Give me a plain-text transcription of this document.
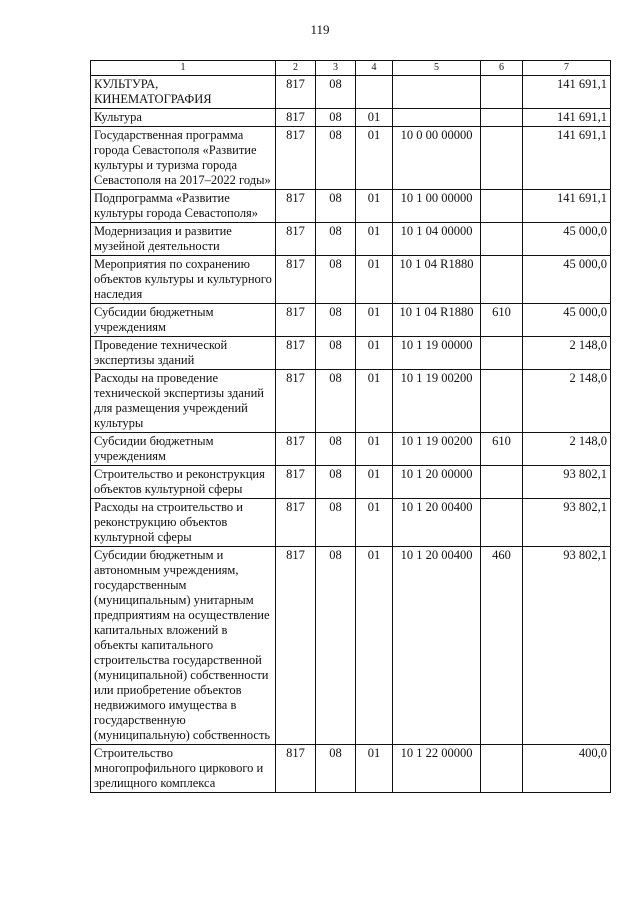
119
1	2	3	4	5	6	7
КУЛЬТУРА, КИНЕМАТОГРАФИЯ	817	08				141 691,1
Культура	817	08	01			141 691,1
Государственная программа города Севастополя «Развитие культуры и туризма города Севастополя на 2017–2022 годы»	817	08	01	10 0 00 00000		141 691,1
Подпрограмма «Развитие культуры города Севастополя»	817	08	01	10 1 00 00000		141 691,1
Модернизация и развитие музейной деятельности	817	08	01	10 1 04 00000		45 000,0
Мероприятия по сохранению объектов культуры и культурного наследия	817	08	01	10 1 04 R1880		45 000,0
Субсидии бюджетным учреждениям	817	08	01	10 1 04 R1880	610	45 000,0
Проведение технической экспертизы зданий	817	08	01	10 1 19 00000		2 148,0
Расходы на проведение технической экспертизы зданий для размещения учреждений культуры	817	08	01	10 1 19 00200		2 148,0
Субсидии бюджетным учреждениям	817	08	01	10 1 19 00200	610	2 148,0
Строительство и реконструкция объектов культурной сферы	817	08	01	10 1 20 00000		93 802,1
Расходы на строительство и реконструкцию объектов культурной сферы	817	08	01	10 1 20 00400		93 802,1
Субсидии бюджетным и автономным учреждениям, государственным (муниципальным) унитарным предприятиям на осуществление капитальных вложений в объекты капитального строительства государственной (муниципальной) собственности или приобретение объектов недвижимого имущества в государственную (муниципальную) собственность	817	08	01	10 1 20 00400	460	93 802,1
Строительство многопрофильного циркового и зрелищного комплекса	817	08	01	10 1 22 00000		400,0
